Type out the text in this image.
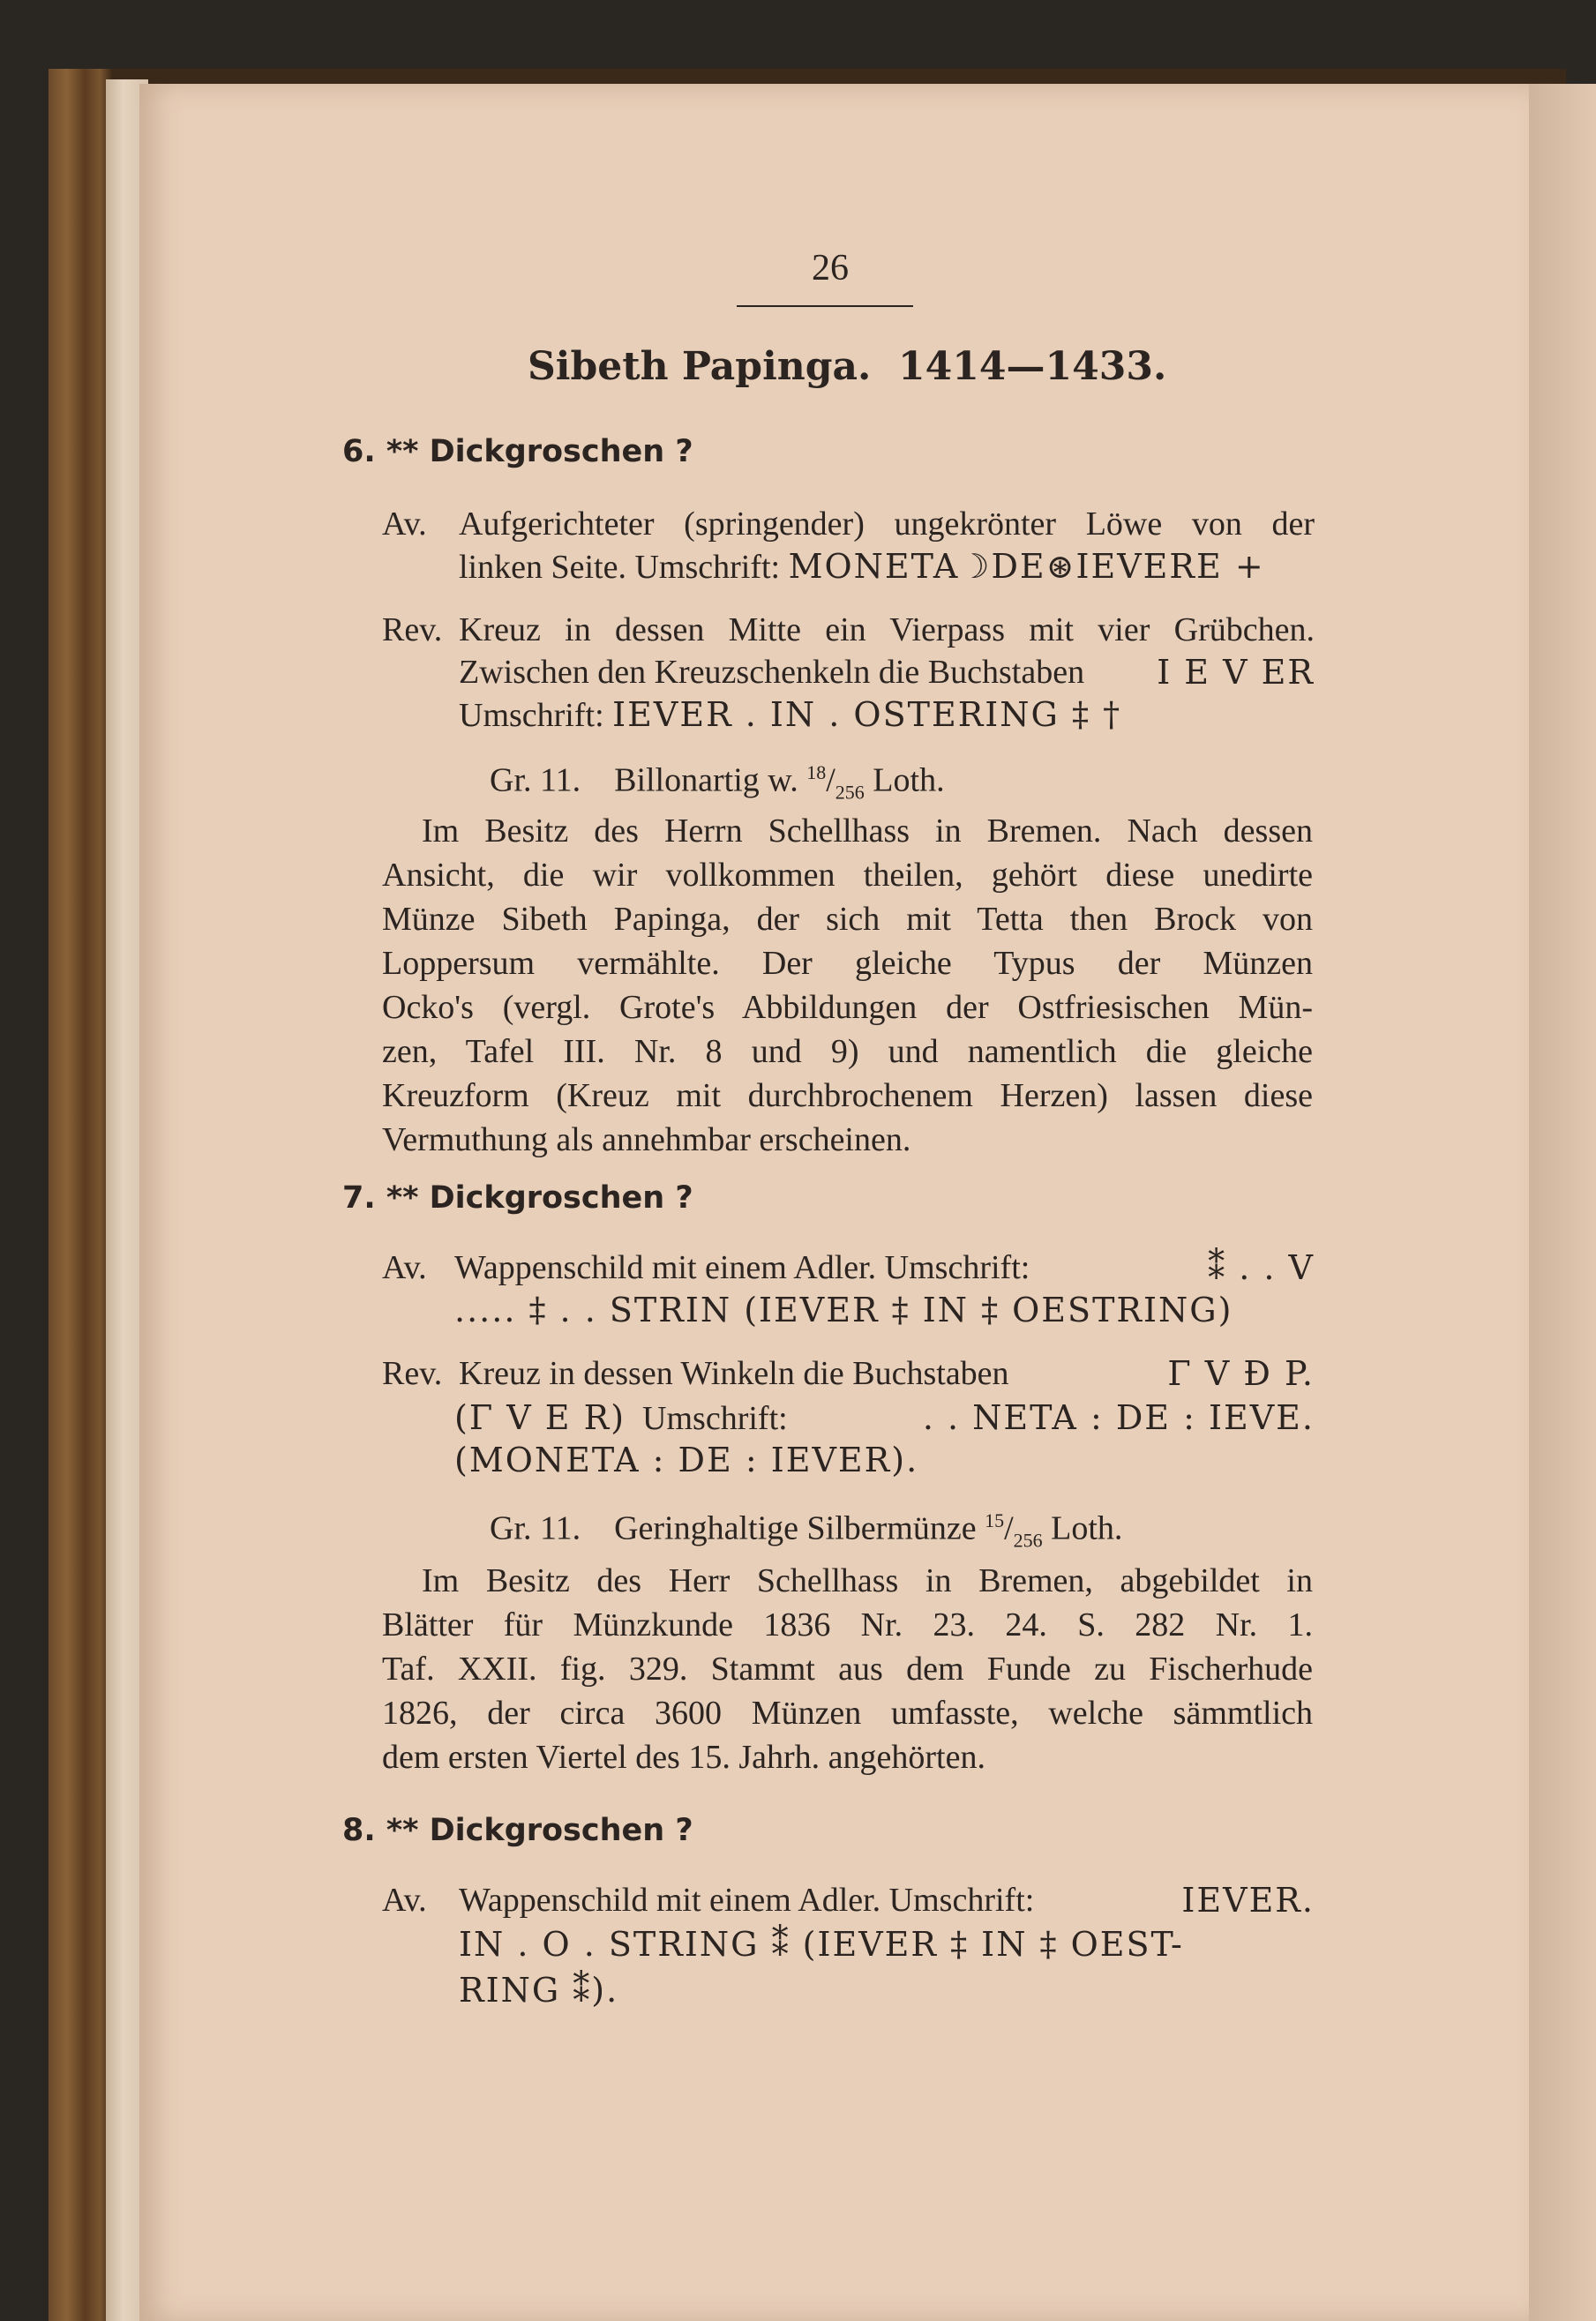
26
Sibeth Papinga. 1414—1433.
6. ** Dickgroschen ?
Av. Aufgerichteter (springender) ungekrönter Löwe von der
linken Seite. Umschrift: MONETA☽DE⊛IEVERE +
Rev. Kreuz in dessen Mitte ein Vierpass mit vier Grübchen.
Zwischen den Kreuzschenkeln die Buchstaben I E V ER
Umschrift: IEVER . IN . OSTERING ‡ †
Gr. 11. Billonartig w. $^{18}/_{256}$ Loth.
Im Besitz des Herrn Schellhass in Bremen. Nach dessen
Ansicht, die wir vollkommen theilen, gehört diese unedirte
Münze Sibeth Papinga, der sich mit Tetta then Brock von
Loppersum vermählte. Der gleiche Typus der Münzen
Ocko's (vergl. Grote's Abbildungen der Ostfriesischen Mün-
zen, Tafel III. Nr. 8 und 9) und namentlich die gleiche
Kreuzform (Kreuz mit durchbrochenem Herzen) lassen diese
Vermuthung als annehmbar erscheinen.
7. ** Dickgroschen ?
Av. Wappenschild mit einem Adler. Umschrift:	⁑ . . V
..... ‡ . . STRIN (IEVER ‡ IN ‡ OESTRING)
Rev. Kreuz in dessen Winkeln die Buchstaben	Γ V Ð P.
(Γ V E R) Umschrift:	. . NETA : DE : IEVE.
(MONETA : DE : IEVER).
Gr. 11. Geringhaltige Silbermünze $^{15}/_{256}$ Loth.
Im Besitz des Herr Schellhass in Bremen, abgebildet in
Blätter für Münzkunde 1836 Nr. 23. 24. S. 282 Nr. 1.
Taf. XXII. fig. 329. Stammt aus dem Funde zu Fischerhude
1826, der circa 3600 Münzen umfasste, welche sämmtlich
dem ersten Viertel des 15. Jahrh. angehörten.
8. ** Dickgroschen ?
Av. Wappenschild mit einem Adler. Umschrift:	IEVER.
IN . O . STRING ⁑ (IEVER ‡ IN ‡ OEST-
RING ⁑).
